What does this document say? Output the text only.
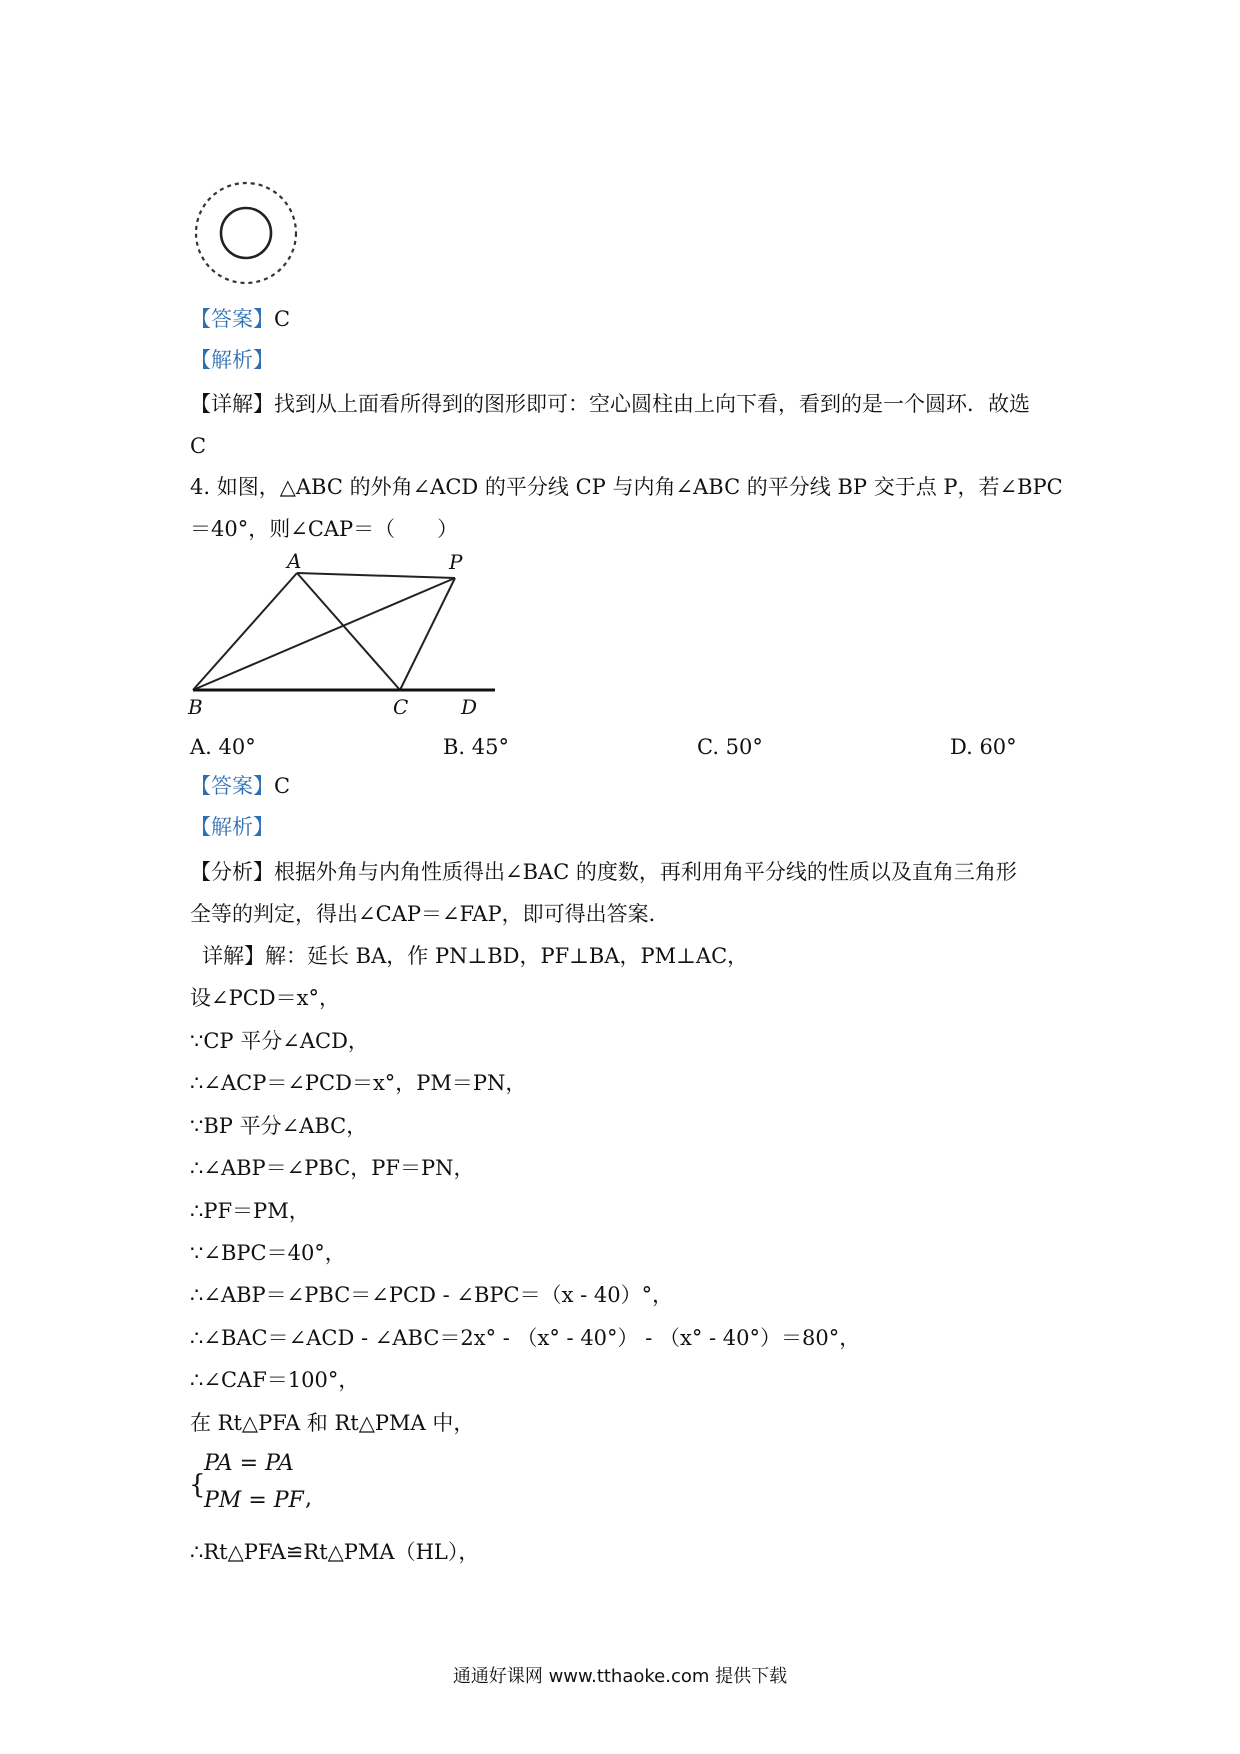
【答案】C
【解析】
【详解】找到从上面看所得到的图形即可：空心圆柱由上向下看，看到的是一个圆环．故选
C
4. 如图，△ABC 的外角∠ACD 的平分线 CP 与内角∠ABC 的平分线 BP 交于点 P，若∠BPC
＝40°，则∠CAP＝（　　）
A	P
B	C	D
A. 40°	B. 45°	C. 50°	D. 60°
【答案】C
【解析】
【分析】根据外角与内角性质得出∠BAC 的度数，再利用角平分线的性质以及直角三角形
全等的判定，得出∠CAP＝∠FAP，即可得出答案．
详解】解：延长 BA，作 PN⊥BD，PF⊥BA，PM⊥AC，
设∠PCD＝x°，
∵CP 平分∠ACD，
∴∠ACP＝∠PCD＝x°，PM＝PN，
∵BP 平分∠ABC，
∴∠ABP＝∠PBC，PF＝PN，
∴PF＝PM，
∵∠BPC＝40°，
∴∠ABP＝∠PBC＝∠PCD - ∠BPC＝（x - 40）°，
∴∠BAC＝∠ACD - ∠ABC＝2x° - （x° - 40°） - （x° - 40°）＝80°，
∴∠CAF＝100°，
在 Rt△PFA 和 Rt△PMA 中，
{
PA = PA
PM = PF ,
∴Rt△PFA≌Rt△PMA（HL），
通通好课网 www.tthaoke.com 提供下载
